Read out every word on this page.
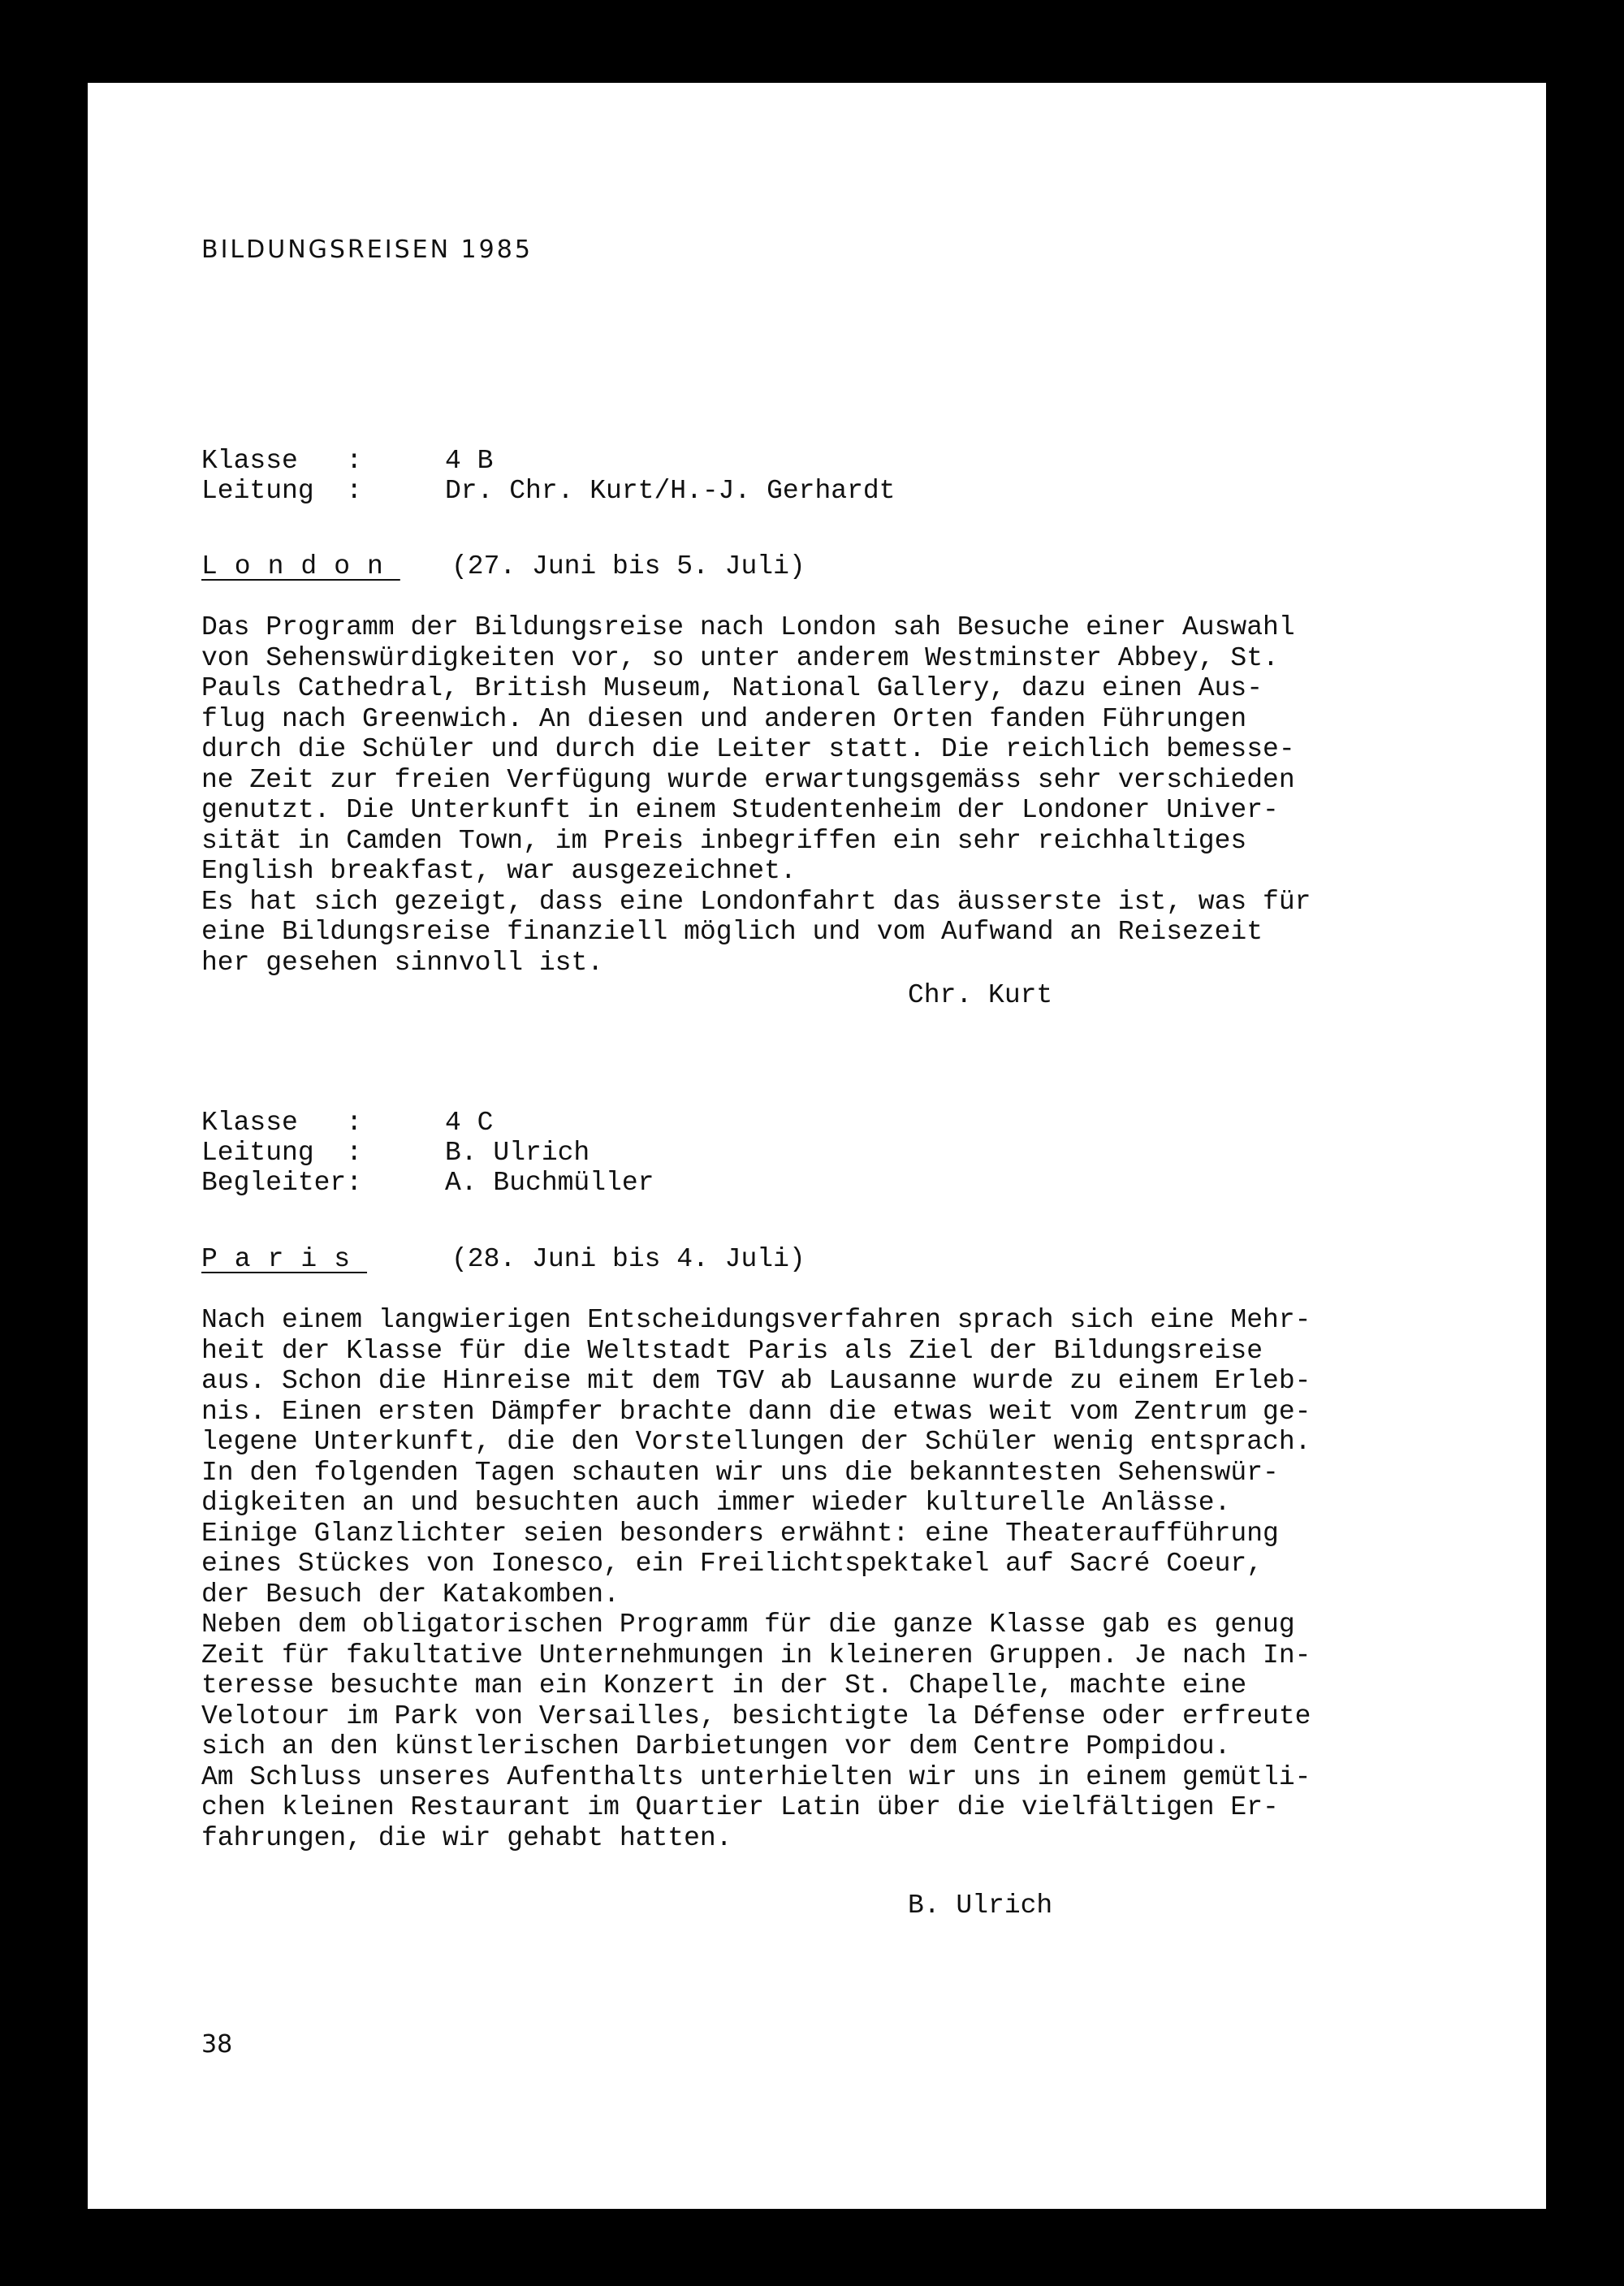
BILDUNGSREISEN 1985
Klasse   :	4 B
Leitung  :	Dr. Chr. Kurt/H.-J. Gerhardt
London (27. Juni bis 5. Juli)
Das Programm der Bildungsreise nach London sah Besuche einer Auswahl
von Sehenswürdigkeiten vor, so unter anderem Westminster Abbey, St.
Pauls Cathedral, British Museum, National Gallery, dazu einen Aus-
flug nach Greenwich. An diesen und anderen Orten fanden Führungen
durch die Schüler und durch die Leiter statt. Die reichlich bemesse-
ne Zeit zur freien Verfügung wurde erwartungsgemäss sehr verschieden
genutzt. Die Unterkunft in einem Studentenheim der Londoner Univer-
sität in Camden Town, im Preis inbegriffen ein sehr reichhaltiges
English breakfast, war ausgezeichnet.
Es hat sich gezeigt, dass eine Londonfahrt das äusserste ist, was für
eine Bildungsreise finanziell möglich und vom Aufwand an Reisezeit
her gesehen sinnvoll ist.
Chr. Kurt
Klasse   :	4 C
Leitung  :	B. Ulrich
Begleiter:	A. Buchmüller
Paris	(28. Juni bis 4. Juli)
Nach einem langwierigen Entscheidungsverfahren sprach sich eine Mehr-
heit der Klasse für die Weltstadt Paris als Ziel der Bildungsreise
aus. Schon die Hinreise mit dem TGV ab Lausanne wurde zu einem Erleb-
nis. Einen ersten Dämpfer brachte dann die etwas weit vom Zentrum ge-
legene Unterkunft, die den Vorstellungen der Schüler wenig entsprach.
In den folgenden Tagen schauten wir uns die bekanntesten Sehenswür-
digkeiten an und besuchten auch immer wieder kulturelle Anlässe.
Einige Glanzlichter seien besonders erwähnt: eine Theateraufführung
eines Stückes von Ionesco, ein Freilichtspektakel auf Sacré Coeur,
der Besuch der Katakomben.
Neben dem obligatorischen Programm für die ganze Klasse gab es genug
Zeit für fakultative Unternehmungen in kleineren Gruppen. Je nach In-
teresse besuchte man ein Konzert in der St. Chapelle, machte eine
Velotour im Park von Versailles, besichtigte la Défense oder erfreute
sich an den künstlerischen Darbietungen vor dem Centre Pompidou.
Am Schluss unseres Aufenthalts unterhielten wir uns in einem gemütli-
chen kleinen Restaurant im Quartier Latin über die vielfältigen Er-
fahrungen, die wir gehabt hatten.
B. Ulrich
38
